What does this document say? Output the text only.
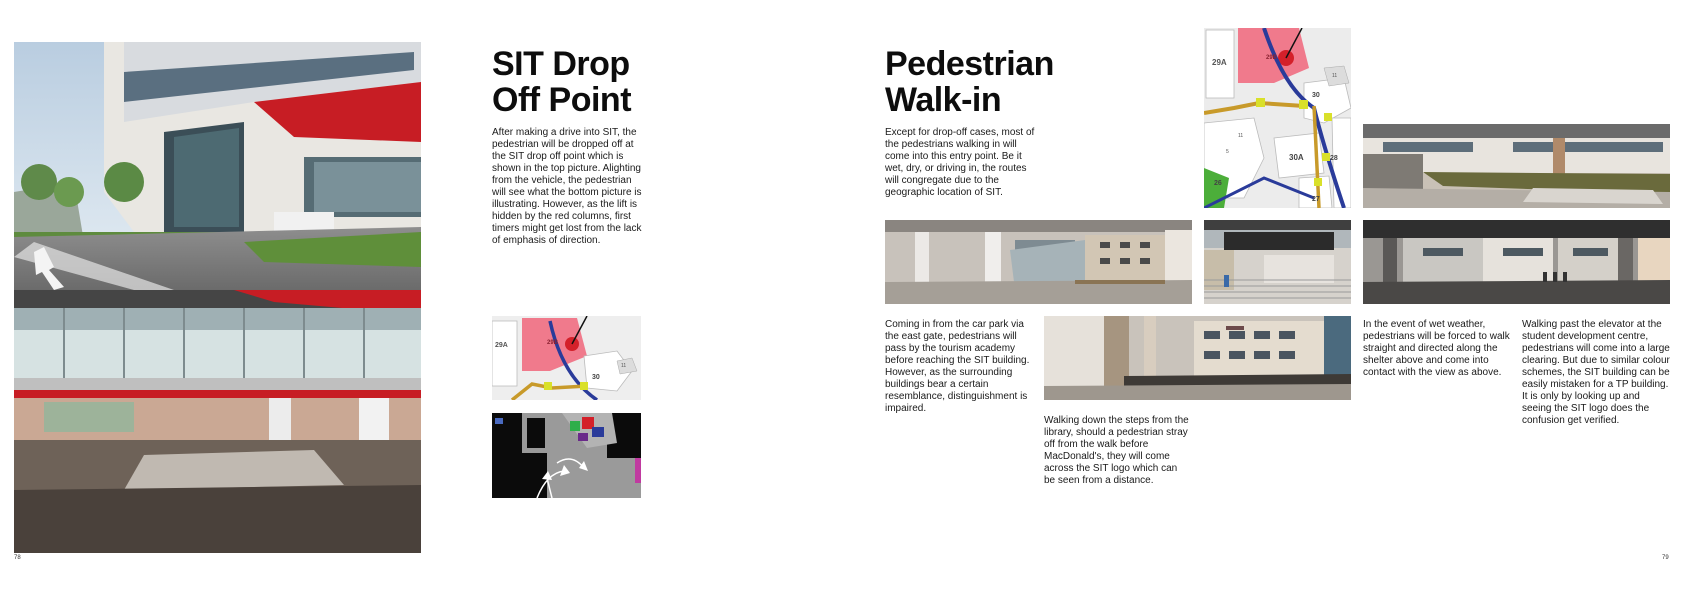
78
SIT Drop
Off Point

After making a drive into SIT, the pedestrian will be dropped off at the SIT drop off point which is shown in the top picture. Alighting from the vehicle, the pedestrian will see what the bottom picture is illustrating. However, as the lift is hidden by the red columns, first timers might get lost from the lack of emphasis of direction.

29A	29B
30
11
Pedestrian
Walk-in

Except for drop-off cases, most of the pedestrians walking in will come into this entry point. Be it wet, dry, or driving in, the routes will congregate due to the geographic location of SIT.

29A	29B
30
11
30A
26
27
5
11
28

Coming in from the car park via the east gate, pedestrians will pass by the tourism academy before reaching the SIT building. However, as the surrounding buildings bear a certain resemblance, distinguishment is impaired.

Walking down the steps from the library, should a pedestrian stray off from the walk before MacDonald's, they will come across the SIT logo which can be seen from a distance.

In the event of wet weather, pedestrians will be forced to walk straight and directed along the shelter above and come into contact with the view as above.

Walking past the elevator at the student development centre, pedestrians will come into a large clearing. But due to similar colour schemes, the SIT building can be easily mistaken for a TP building. It is only by looking up and seeing the SIT logo does the confusion get verified.

79
